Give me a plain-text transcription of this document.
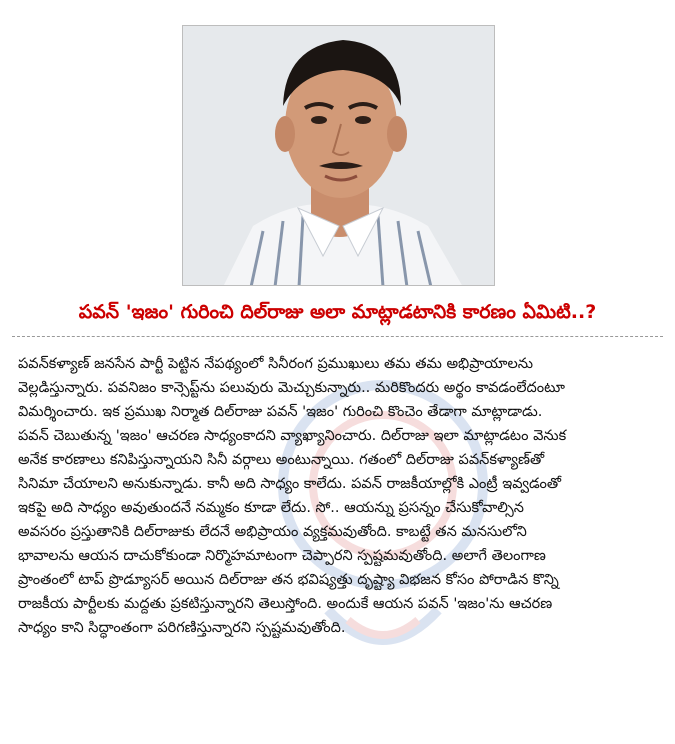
పవన్ 'ఇజం' గురించి దిల్‌రాజు అలా మాట్లాడటానికి కారణం ఏమిటి..?
పవన్‌కళ్యాణ్ జనసేన పార్టీ పెట్టిన నేపథ్యంలో సినీరంగ ప్రముఖులు తమ తమ అభిప్రాయాలను
వెల్లడిస్తున్నారు. పవనిజం కాన్సెప్ట్‌ను పలువురు మెచ్చుకున్నారు.. మరికొందరు అర్థం కావడంలేదంటూ
విమర్శించారు. ఇక ప్రముఖ నిర్మాత దిల్‌రాజు పవన్ 'ఇజం' గురించి కొంచెం తేడాగా మాట్లాడాడు.
పవన్ చెబుతున్న 'ఇజం' ఆచరణ సాధ్యంకాదని వ్యాఖ్యానించారు. దిల్‌రాజు ఇలా మాట్లాడటం వెనుక
అనేక కారణాలు కనిపిస్తున్నాయని సినీ వర్గాలు అంటున్నాయి. గతంలో దిల్‌రాజు పవన్‌కళ్యాణ్‌తో
సినిమా చేయాలని అనుకున్నాడు. కానీ అది సాధ్యం కాలేదు. పవన్ రాజకీయాల్లోకి ఎంట్రీ ఇవ్వడంతో
ఇకపై అది సాధ్యం అవుతుందనే నమ్మకం కూడా లేదు. సో.. ఆయన్ను ప్రసన్నం చేసుకోవాల్సిన
అవసరం ప్రస్తుతానికి దిల్‌రాజుకు లేదనే అభిప్రాయం వ్యక్తమవుతోంది. కాబట్టే తన మనసులోని
భావాలను ఆయన దాచుకోకుండా నిర్మొహమాటంగా చెప్పారని స్పష్టమవుతోంది. అలాగే తెలంగాణ
ప్రాంతంలో టాప్ ప్రొడ్యూసర్ అయిన దిల్‌రాజు తన భవిష్యత్తు దృష్ట్యా విభజన కోసం పోరాడిన కొన్ని
రాజకీయ పార్టీలకు మద్దతు ప్రకటిస్తున్నారని తెలుస్తోంది. అందుకే ఆయన పవన్ 'ఇజం'ను ఆచరణ
సాధ్యం కాని సిద్ధాంతంగా పరిగణిస్తున్నారని స్పష్టమవుతోంది.
